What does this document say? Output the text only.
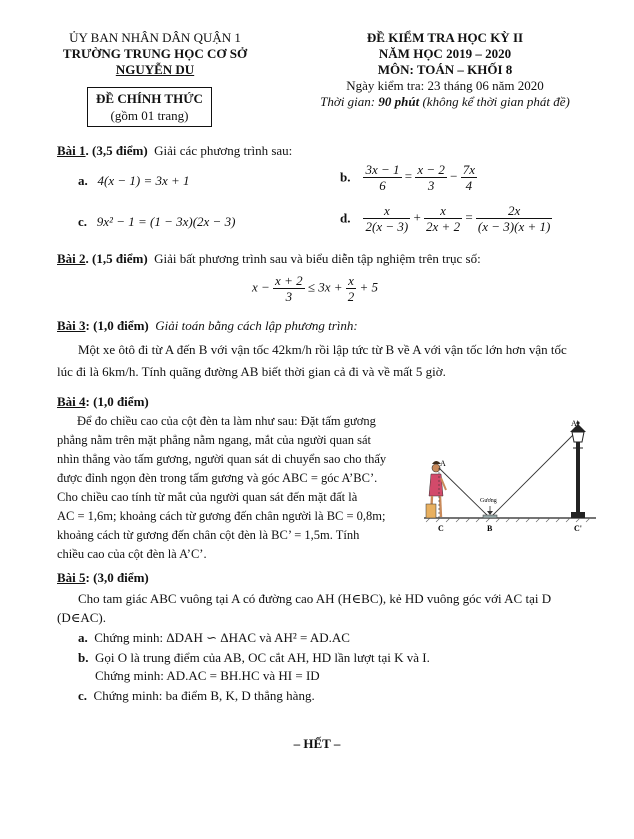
ỦY BAN NHÂN DÂN QUẬN 1
TRƯỜNG TRUNG HỌC CƠ SỞ
NGUYỄN DU
ĐỀ CHÍNH THỨC
(gồm 01 trang)
ĐỀ KIỂM TRA HỌC KỲ II
NĂM HỌC 2019 – 2020
MÔN: TOÁN – KHỐI 8
Ngày kiểm tra: 23 tháng 06 năm 2020
Thời gian: 90 phút (không kể thời gian phát đề)
Bài 1. (3,5 điểm) Giải các phương trình sau:
a. 4(x − 1) = 3x + 1	b. $\frac{3x - 1}{6} = \frac{x - 2}{3} - \frac{7x}{4}$
c. 9x² − 1 = (1 − 3x)(2x − 3)	d. $\frac{x}{2(x - 3)} + \frac{x}{2x + 2} = \frac{2x}{(x - 3)(x + 1)}$
Bài 2. (1,5 điểm) Giải bất phương trình sau và biểu diễn tập nghiệm trên trục số:
$x - \frac{x + 2}{3} \le 3x + \frac{x}{2} + 5$
Bài 3: (1,0 điểm) Giải toán bằng cách lập phương trình:
Một xe ôtô đi từ A đến B với vận tốc 42km/h rồi lập tức từ B về A với vận tốc lớn hơn vận tốc
lúc đi là 6km/h. Tính quãng đường AB biết thời gian cả đi và về mất 5 giờ.
Bài 4: (1,0 điểm)
Để đo chiều cao của cột đèn ta làm như sau: Đặt tấm gương
phẳng nằm trên mặt phẳng nằm ngang, mắt của người quan sát
nhìn thẳng vào tấm gương, người quan sát di chuyển sao cho thấy
được đỉnh ngọn đèn trong tấm gương và góc ABC = góc A’BC’.
Cho chiều cao tính từ mắt của người quan sát đến mặt đất là
AC = 1,6m; khoảng cách từ gương đến chân người là BC = 0,8m;
khoảng cách từ gương đến chân cột đèn là BC’ = 1,5m. Tính
chiều cao của cột đèn là A’C’.
A
A'
C	B	C'
Gương
Bài 5: (3,0 điểm)
Cho tam giác ABC vuông tại A có đường cao AH (H∈BC), kẻ HD vuông góc với AC tại D
(D∈AC).
a. Chứng minh: ΔDAH ∽ ΔHAC và AH² = AD.AC
b. Gọi O là trung điểm của AB, OC cắt AH, HD lần lượt tại K và I.
Chứng minh: AD.AC = BH.HC và HI = ID
c. Chứng minh: ba điểm B, K, D thẳng hàng.
– HẾT –
